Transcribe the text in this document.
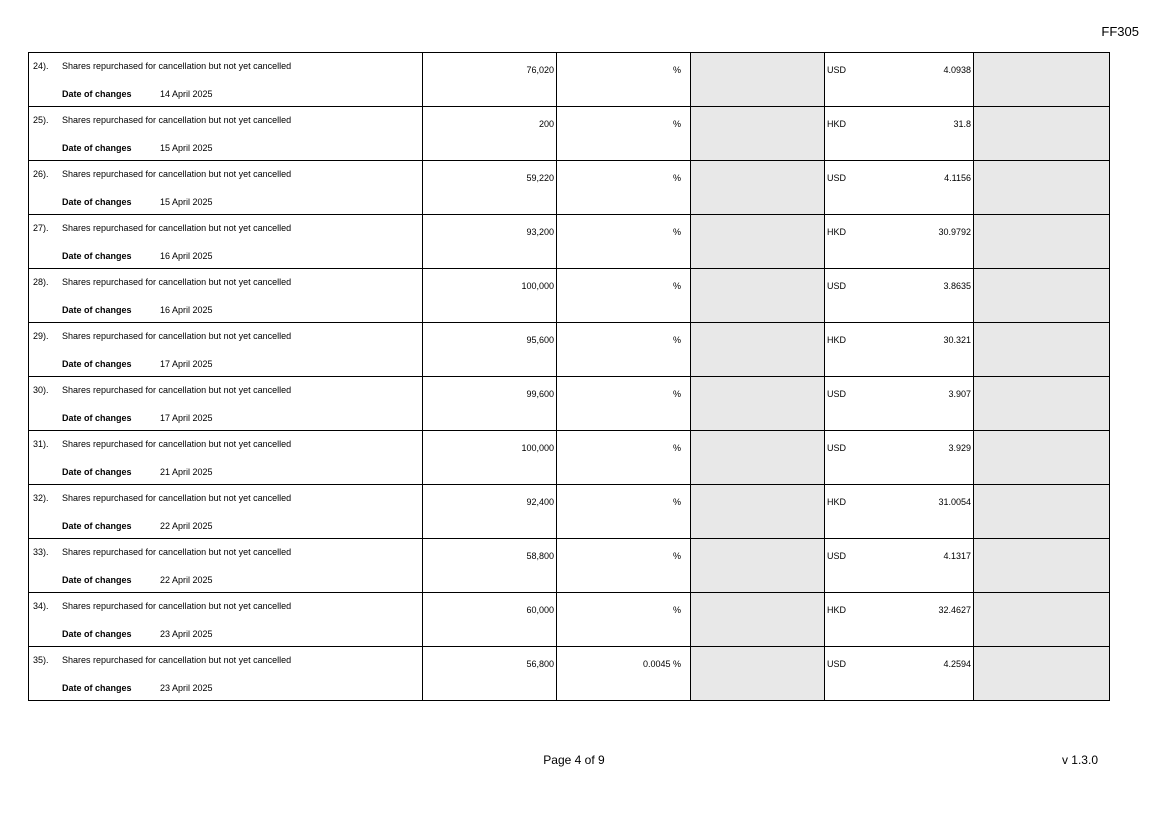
FF305
24). Shares repurchased for cancellation but not yet cancelled
Date of changes 14 April 2025	76,020	%		USD 4.0938	

25). Shares repurchased for cancellation but not yet cancelled
Date of changes 15 April 2025	200	%		HKD 31.8	

26). Shares repurchased for cancellation but not yet cancelled
Date of changes 15 April 2025	59,220	%		USD 4.1156	

27). Shares repurchased for cancellation but not yet cancelled
Date of changes 16 April 2025	93,200	%		HKD 30.9792	

28). Shares repurchased for cancellation but not yet cancelled
Date of changes 16 April 2025	100,000	%		USD 3.8635	

29). Shares repurchased for cancellation but not yet cancelled
Date of changes 17 April 2025	95,600	%		HKD 30.321	

30). Shares repurchased for cancellation but not yet cancelled
Date of changes 17 April 2025	99,600	%		USD 3.907	

31). Shares repurchased for cancellation but not yet cancelled
Date of changes 21 April 2025	100,000	%		USD 3.929	

32). Shares repurchased for cancellation but not yet cancelled
Date of changes 22 April 2025	92,400	%		HKD 31.0054	

33). Shares repurchased for cancellation but not yet cancelled
Date of changes 22 April 2025	58,800	%		USD 4.1317	

34). Shares repurchased for cancellation but not yet cancelled
Date of changes 23 April 2025	60,000	%		HKD 32.4627	

35). Shares repurchased for cancellation but not yet cancelled
Date of changes 23 April 2025	56,800	0.0045 %		USD 4.2594	

Page 4 of 9	v 1.3.0
